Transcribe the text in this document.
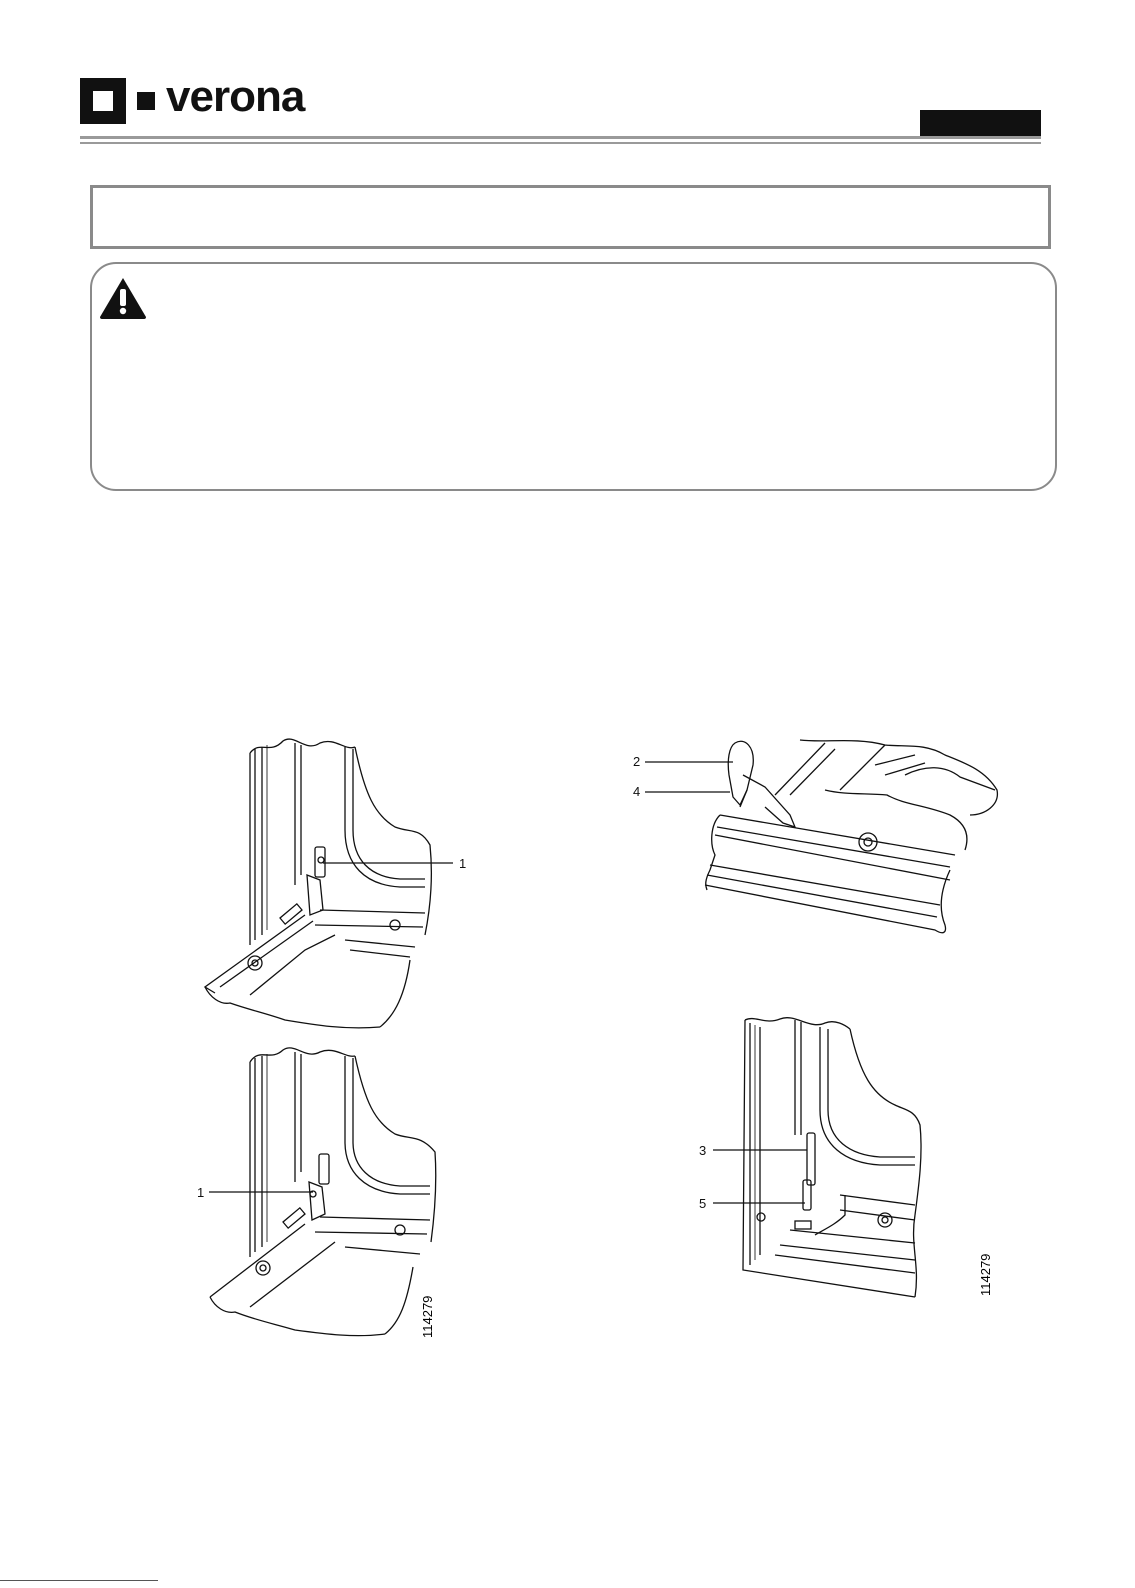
verona
1
1
114279
2
4
3
5
114279
